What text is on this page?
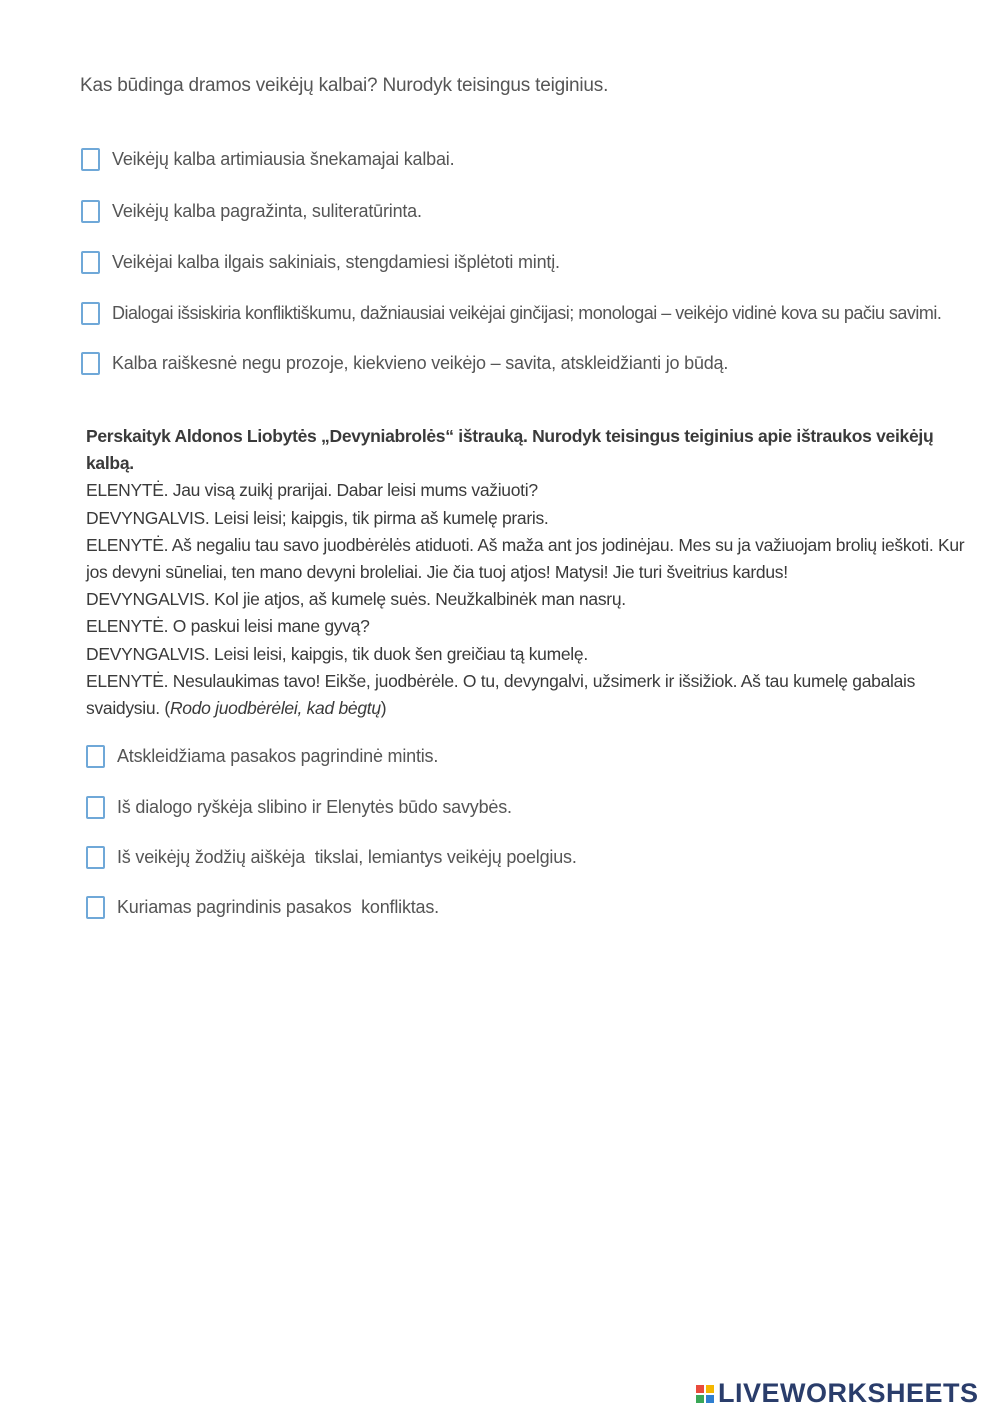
Kas būdinga dramos veikėjų kalbai? Nurodyk teisingus teiginius.
Veikėjų kalba artimiausia šnekamajai kalbai.
Veikėjų kalba pagražinta, suliteratūrinta.
Veikėjai kalba ilgais sakiniais, stengdamiesi išplėtoti mintį.
Dialogai išsiskiria konfliktiškumu, dažniausiai veikėjai ginčijasi; monologai – veikėjo vidinė kova su pačiu savimi.
Kalba raiškesnė negu prozoje, kiekvieno veikėjo – savita, atskleidžianti jo būdą.

Perskaityk Aldonos Liobytės „Devyniabrolės“ ištrauką. Nurodyk teisingus teiginius apie ištraukos veikėjų kalbą.

ELENYTĖ. Jau visą zuikį prarijai. Dabar leisi mums važiuoti?

DEVYNGALVIS. Leisi leisi; kaipgis, tik pirma aš kumelę praris.

ELENYTĖ. Aš negaliu tau savo juodbėrėlės atiduoti. Aš maža ant jos jodinėjau. Mes su ja važiuojam brolių ieškoti. Kur jos devyni sūneliai, ten mano devyni broleliai. Jie čia tuoj atjos! Matysi! Jie turi šveitrius kardus!

DEVYNGALVIS. Kol jie atjos, aš kumelę suės. Neužkalbinėk man nasrų.

ELENYTĖ. O paskui leisi mane gyvą?

DEVYNGALVIS. Leisi leisi, kaipgis, tik duok šen greičiau tą kumelę.

ELENYTĖ. Nesulaukimas tavo! Eikše, juodbėrėle. O tu, devyngalvi, užsimerk ir išsižiok. Aš tau kumelę gabalais svaidysiu. (Rodo juodbėrėlei, kad bėgtų)

Atskleidžiama pasakos pagrindinė mintis.
Iš dialogo ryškėja slibino ir Elenytės būdo savybės.
Iš veikėjų žodžių aiškėja  tikslai, lemiantys veikėjų poelgius.
Kuriamas pagrindinis pasakos  konfliktas.
LIVEWORKSHEETS
